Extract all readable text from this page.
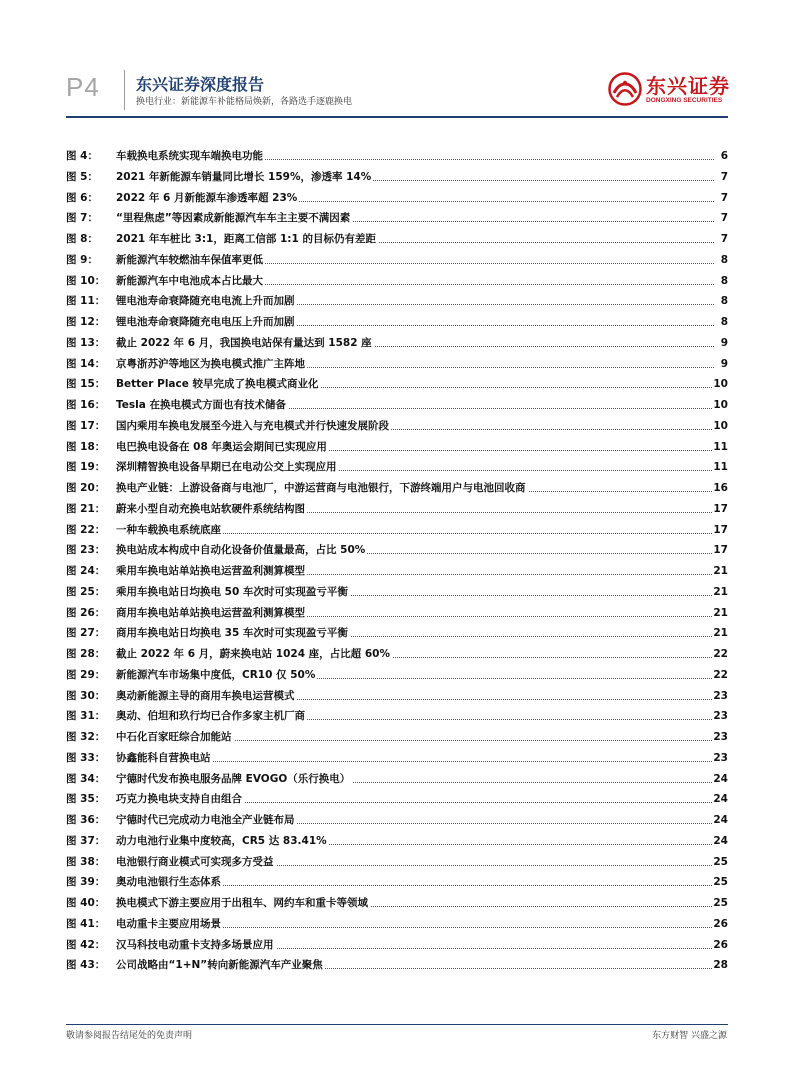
P4 东兴证券深度报告
换电行业：新能源车补能格局焕新，各路选手逐鹿换电
东兴证券
DONGXING SECURITIES
图 4： 车载换电系统实现车端换电功能	6
图 5： 2021 年新能源车销量同比增长 159%，渗透率 14%	7
图 6： 2022 年 6 月新能源车渗透率超 23%	7
图 7： “里程焦虑”等因素成新能源汽车车主主要不满因素	7
图 8： 2021 年车桩比 3:1，距离工信部 1:1 的目标仍有差距	7
图 9： 新能源汽车较燃油车保值率更低	8
图 10： 新能源汽车中电池成本占比最大	8
图 11： 锂电池寿命衰降随充电电流上升而加剧	8
图 12： 锂电池寿命衰降随充电电压上升而加剧	8
图 13： 截止 2022 年 6 月，我国换电站保有量达到 1582 座	9
图 14： 京粤浙苏沪等地区为换电模式推广主阵地	9
图 15： Better Place 较早完成了换电模式商业化	10
图 16： Tesla 在换电模式方面也有技术储备	10
图 17： 国内乘用车换电发展至今进入与充电模式并行快速发展阶段	10
图 18： 电巴换电设备在 08 年奥运会期间已实现应用	11
图 19： 深圳精智换电设备早期已在电动公交上实现应用	11
图 20： 换电产业链：上游设备商与电池厂，中游运营商与电池银行，下游终端用户与电池回收商	16
图 21： 蔚来小型自动充换电站软硬件系统结构图	17
图 22： 一种车载换电系统底座	17
图 23： 换电站成本构成中自动化设备价值量最高，占比 50%	17
图 24： 乘用车换电站单站换电运营盈利测算模型	21
图 25： 乘用车换电站日均换电 50 车次时可实现盈亏平衡	21
图 26： 商用车换电站单站换电运营盈利测算模型	21
图 27： 商用车换电站日均换电 35 车次时可实现盈亏平衡	21
图 28： 截止 2022 年 6 月，蔚来换电站 1024 座，占比超 60%	22
图 29： 新能源汽车市场集中度低，CR10 仅 50%	22
图 30： 奥动新能源主导的商用车换电运营模式	23
图 31： 奥动、伯坦和玖行均已合作多家主机厂商	23
图 32： 中石化百家旺综合加能站	23
图 33： 协鑫能科自营换电站	23
图 34： 宁德时代发布换电服务品牌 EVOGO（乐行换电）	24
图 35： 巧克力换电块支持自由组合	24
图 36： 宁德时代已完成动力电池全产业链布局	24
图 37： 动力电池行业集中度较高，CR5 达 83.41%	24
图 38： 电池银行商业模式可实现多方受益	25
图 39： 奥动电池银行生态体系	25
图 40： 换电模式下游主要应用于出租车、网约车和重卡等领域	25
图 41： 电动重卡主要应用场景	26
图 42： 汉马科技电动重卡支持多场景应用	26
图 43： 公司战略由“1+N”转向新能源汽车产业聚焦	28
敬请参阅报告结尾处的免责声明	东方财智 兴盛之源
